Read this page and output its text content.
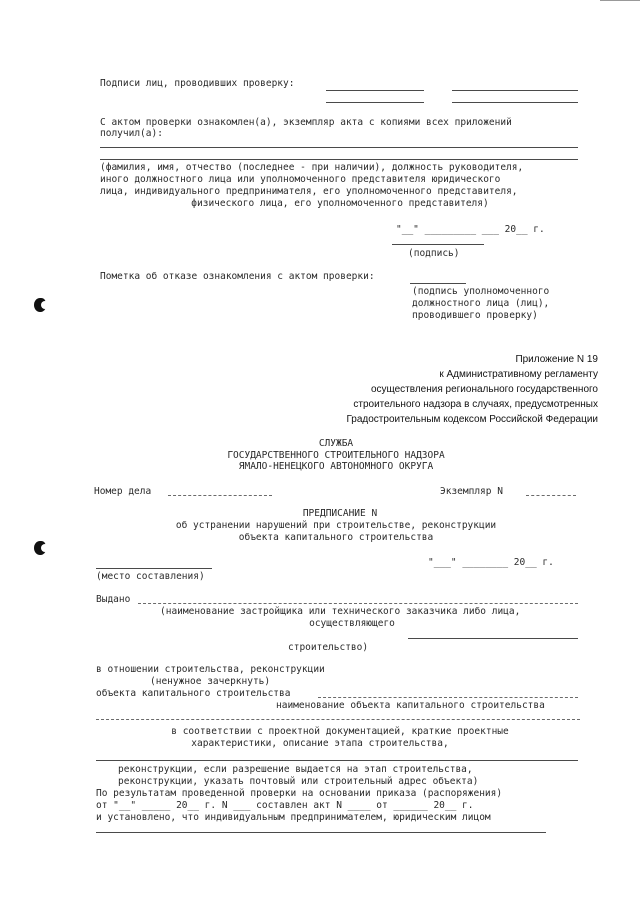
Подписи лиц, проводивших проверку:
С актом проверки ознакомлен(а), экземпляр акта с копиями всех приложений
получил(а):
(фамилия, имя, отчество (последнее - при наличии), должность руководителя,
иного должностного лица или уполномоченного представителя юридического
лица, индивидуального предпринимателя, его уполномоченного представителя,
физического лица, его уполномоченного представителя)
"__" _________ ___ 20__ г.
(подпись)
Пометка об отказе ознакомления с актом проверки:
(подпись уполномоченного
должностного лица (лиц),
проводившего проверку)
Приложение N 19
к Административному регламенту
осуществления регионального государственного
строительного надзора в случаях, предусмотренных
Градостроительным кодексом Российской Федерации
СЛУЖБА
ГОСУДАРСТВЕННОГО СТРОИТЕЛЬНОГО НАДЗОРА
ЯМАЛО-НЕНЕЦКОГО АВТОНОМНОГО ОКРУГА
Номер дела	Экземпляр N
ПРЕДПИСАНИЕ N
об устранении нарушений при строительстве, реконструкции
объекта капитального строительства
"___" ________ 20__ г.
(место составления)
Выдано
(наименование застройщика или технического заказчика либо лица,
осуществляющего
строительство)
в отношении строительства, реконструкции
(ненужное зачеркнуть)
объекта капитального строительства
наименование объекта капитального строительства
в соответствии с проектной документацией, краткие проектные
характеристики, описание этапа строительства,
реконструкции, если разрешение выдается на этап строительства,
реконструкции, указать почтовый или строительный адрес объекта)
По результатам проведенной проверки на основании приказа (распоряжения)
от "__" _____ 20__ г. N ___ составлен акт N ____ от ______ 20__ г.
и установлено, что индивидуальным предпринимателем, юридическим лицом
